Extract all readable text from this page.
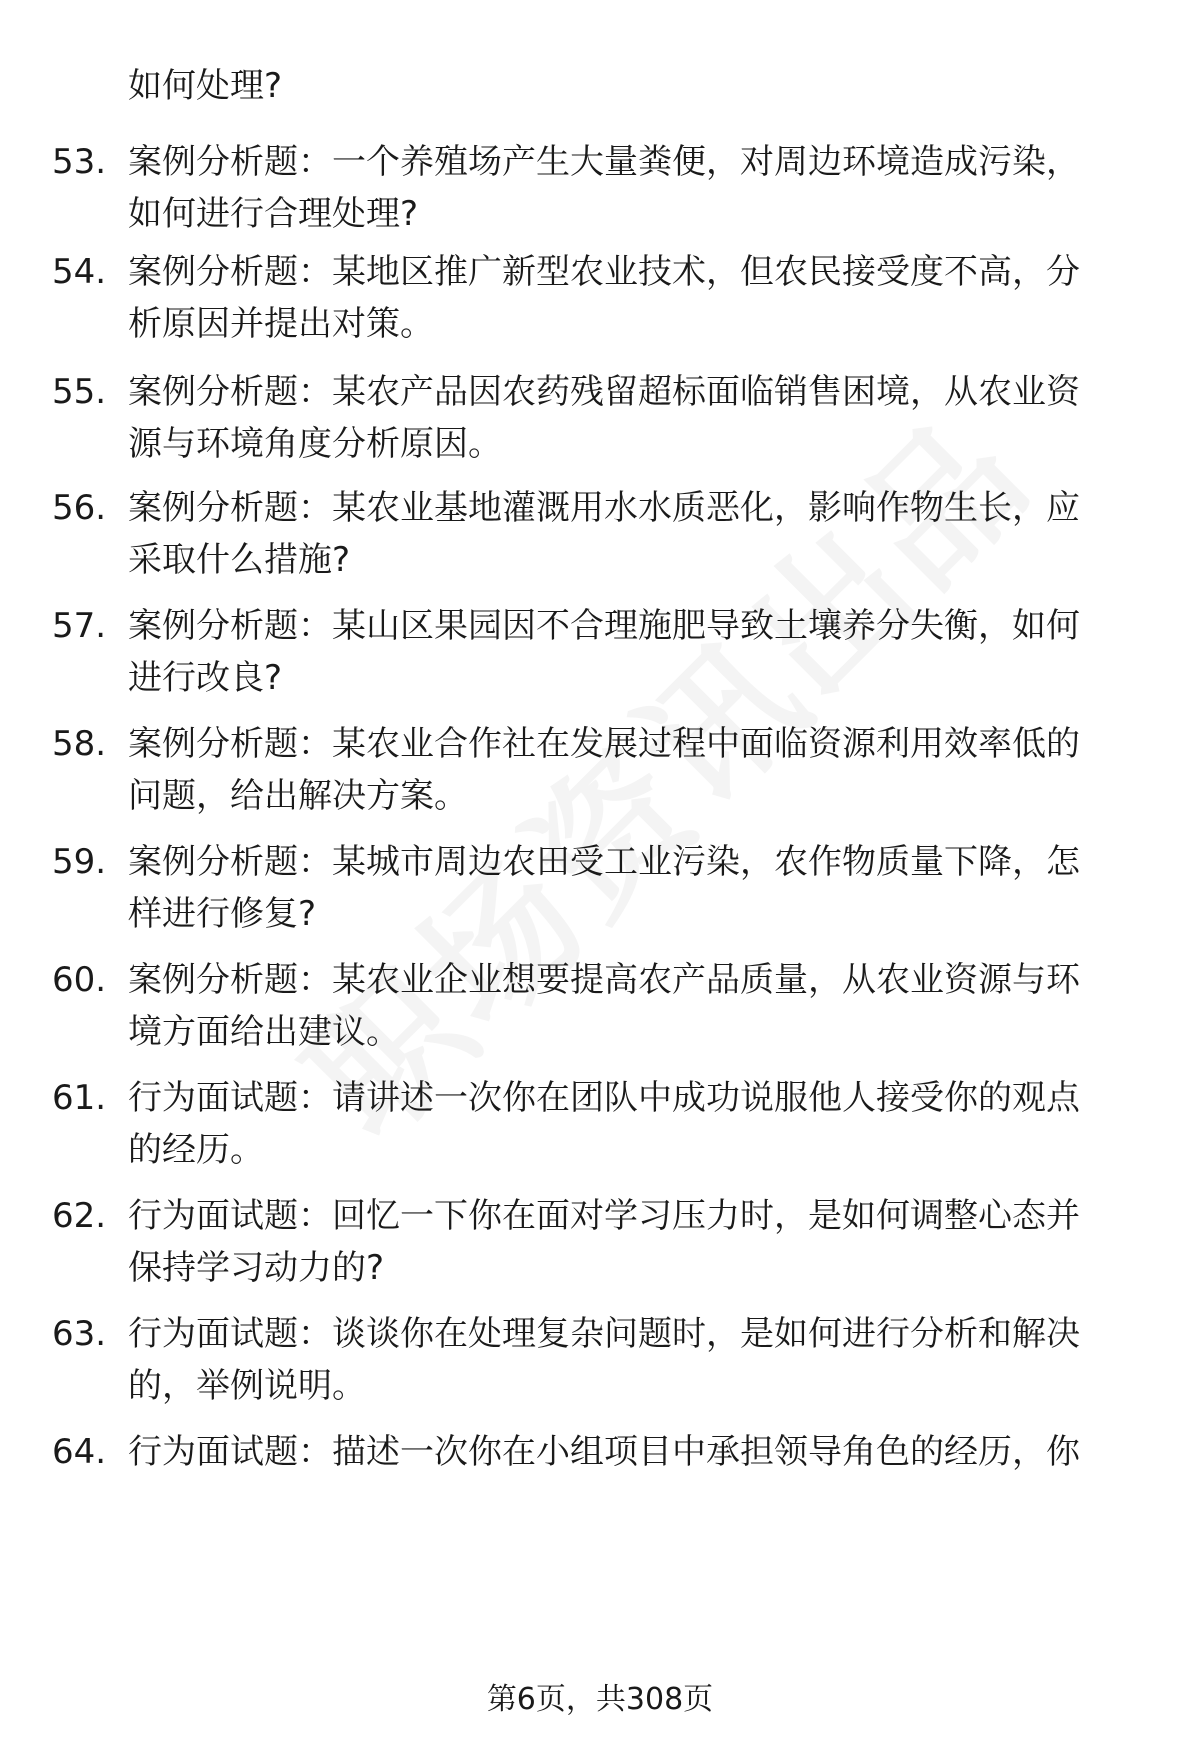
如何处理?
53. 案例分析题：一个养殖场产生大量粪便，对周边环境造成污染，
如何进行合理处理?
54. 案例分析题：某地区推广新型农业技术，但农民接受度不高，分
析原因并提出对策。
55. 案例分析题：某农产品因农药残留超标面临销售困境，从农业资
源与环境角度分析原因。
56. 案例分析题：某农业基地灌溉用水水质恶化，影响作物生长，应
采取什么措施?
57. 案例分析题：某山区果园因不合理施肥导致土壤养分失衡，如何
进行改良?
58. 案例分析题：某农业合作社在发展过程中面临资源利用效率低的
问题，给出解决方案。
59. 案例分析题：某城市周边农田受工业污染，农作物质量下降，怎
样进行修复?
60. 案例分析题：某农业企业想要提高农产品质量，从农业资源与环
境方面给出建议。
61. 行为面试题：请讲述一次你在团队中成功说服他人接受你的观点
的经历。
62. 行为面试题：回忆一下你在面对学习压力时，是如何调整心态并
保持学习动力的?
63. 行为面试题：谈谈你在处理复杂问题时，是如何进行分析和解决
的，举例说明。
64. 行为面试题：描述一次你在小组项目中承担领导角色的经历，你
第6页，共308页
